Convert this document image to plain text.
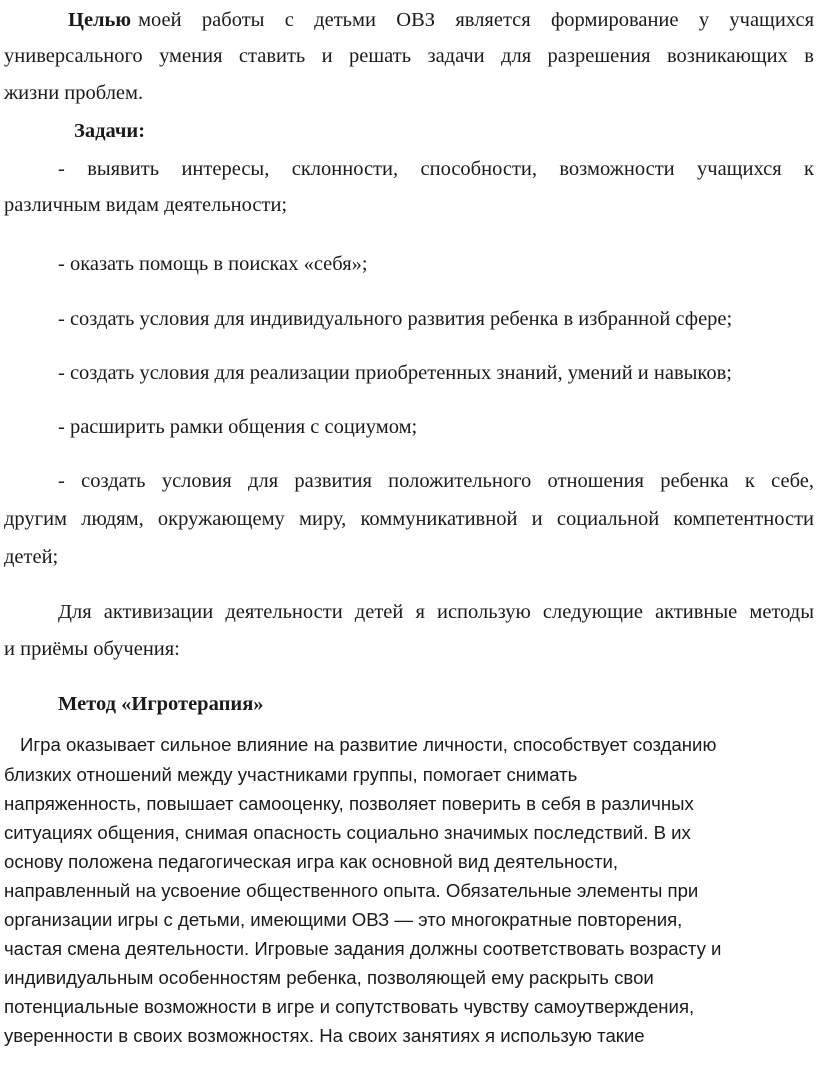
Целью моей работы с детьми ОВЗ является формирование у учащихся
универсального умения ставить и решать задачи для разрешения возникающих в
жизни проблем.
Задачи:
- выявить интересы, склонности, способности, возможности учащихся к
различным видам деятельности;
- оказать помощь в поисках «себя»;
- создать условия для индивидуального развития ребенка в избранной сфере;
- создать условия для реализации приобретенных знаний, умений и навыков;
- расширить рамки общения с социумом;
- создать условия для развития положительного отношения ребенка к себе,
другим людям, окружающему миру, коммуникативной и социальной компетентности
детей;
Для активизации деятельности детей я использую следующие активные методы
и приёмы обучения:
Метод «Игротерапия»
Игра оказывает сильное влияние на развитие личности, способствует созданию
близких отношений между участниками группы, помогает снимать
напряженность, повышает самооценку, позволяет поверить в себя в различных
ситуациях общения, снимая опасность социально значимых последствий. В их
основу положена педагогическая игра как основной вид деятельности,
направленный на усвоение общественного опыта. Обязательные элементы при
организации игры с детьми, имеющими ОВЗ — это многократные повторения,
частая смена деятельности. Игровые задания должны соответствовать возрасту и
индивидуальным особенностям ребенка, позволяющей ему раскрыть свои
потенциальные возможности в игре и сопутствовать чувству самоутверждения,
уверенности в своих возможностях. На своих занятиях я использую такие
